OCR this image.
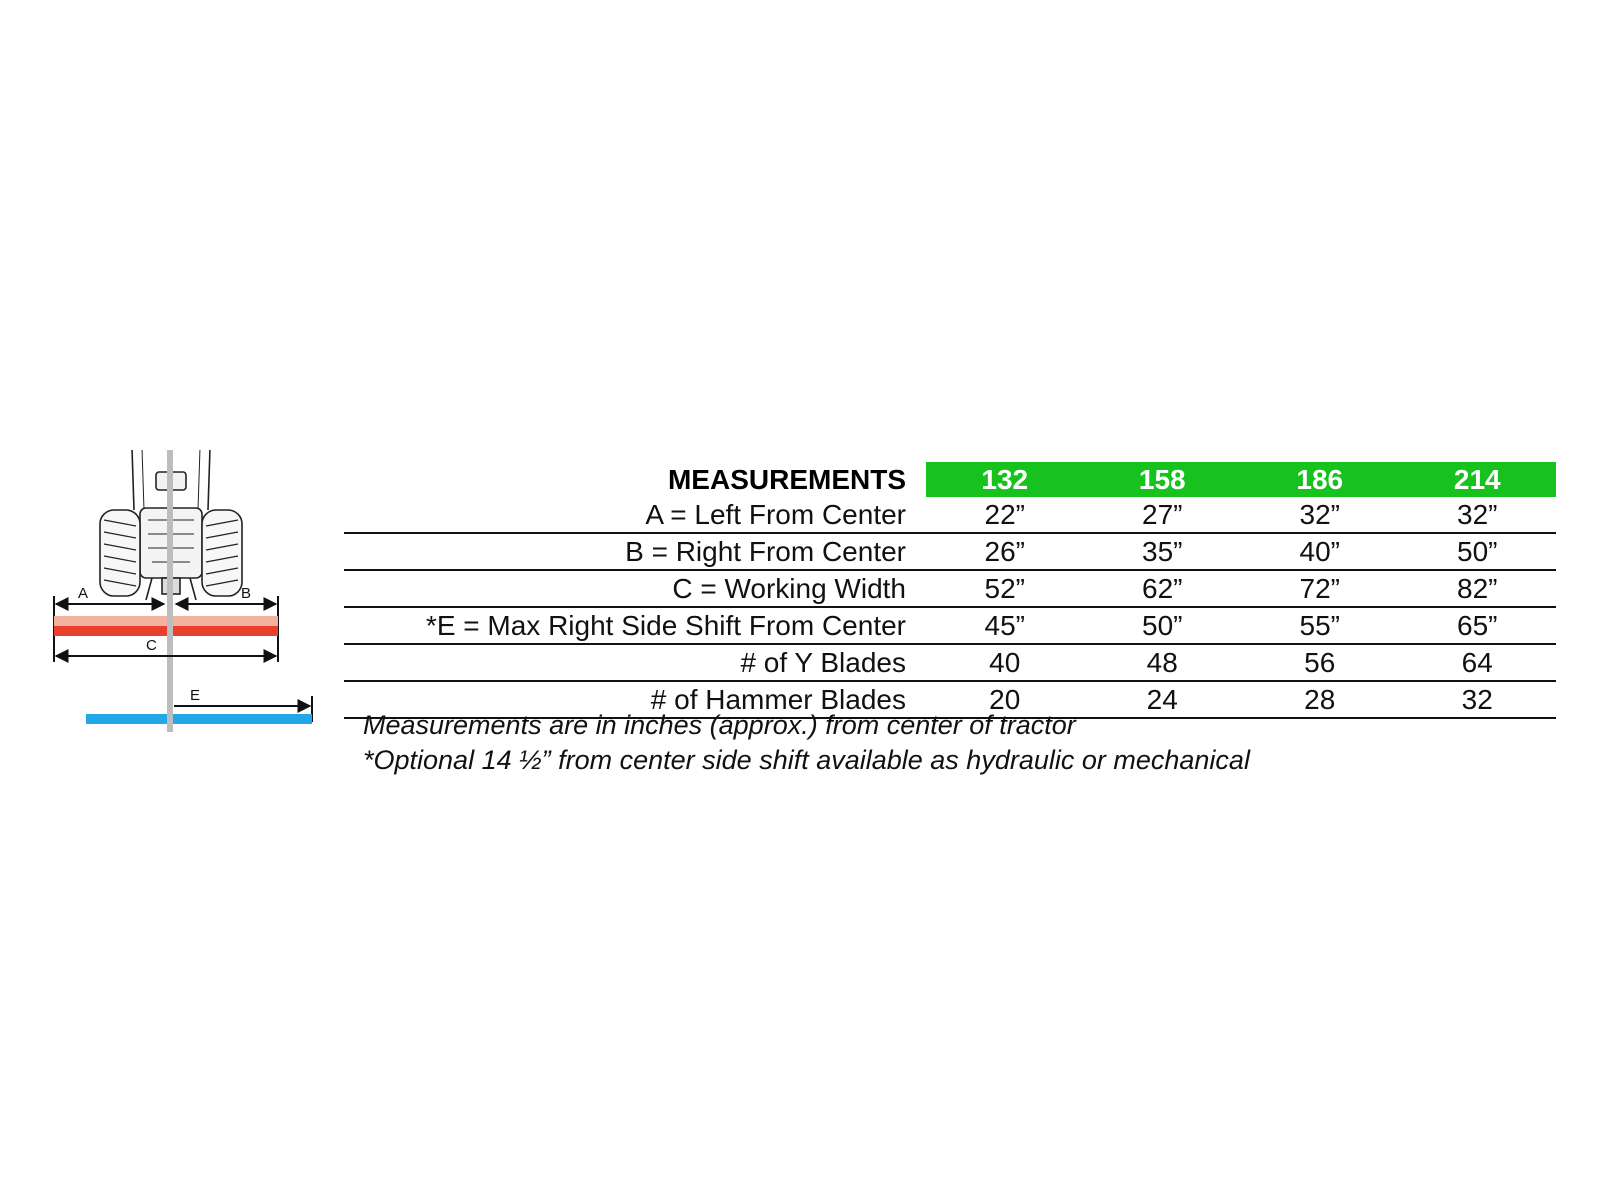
A	B
C
E
MEASUREMENTS	132	158	186	214
A = Left From Center	22”	27”	32”	32”
B = Right From Center	26”	35”	40”	50”
C = Working Width	52”	62”	72”	82”
*E = Max Right Side Shift From Center	45”	50”	55”	65”
# of Y Blades	40	48	56	64
# of Hammer Blades	20	24	28	32
Measurements are in inches (approx.) from center of tractor
*Optional 14 ½” from center side shift available as hydraulic or mechanical
